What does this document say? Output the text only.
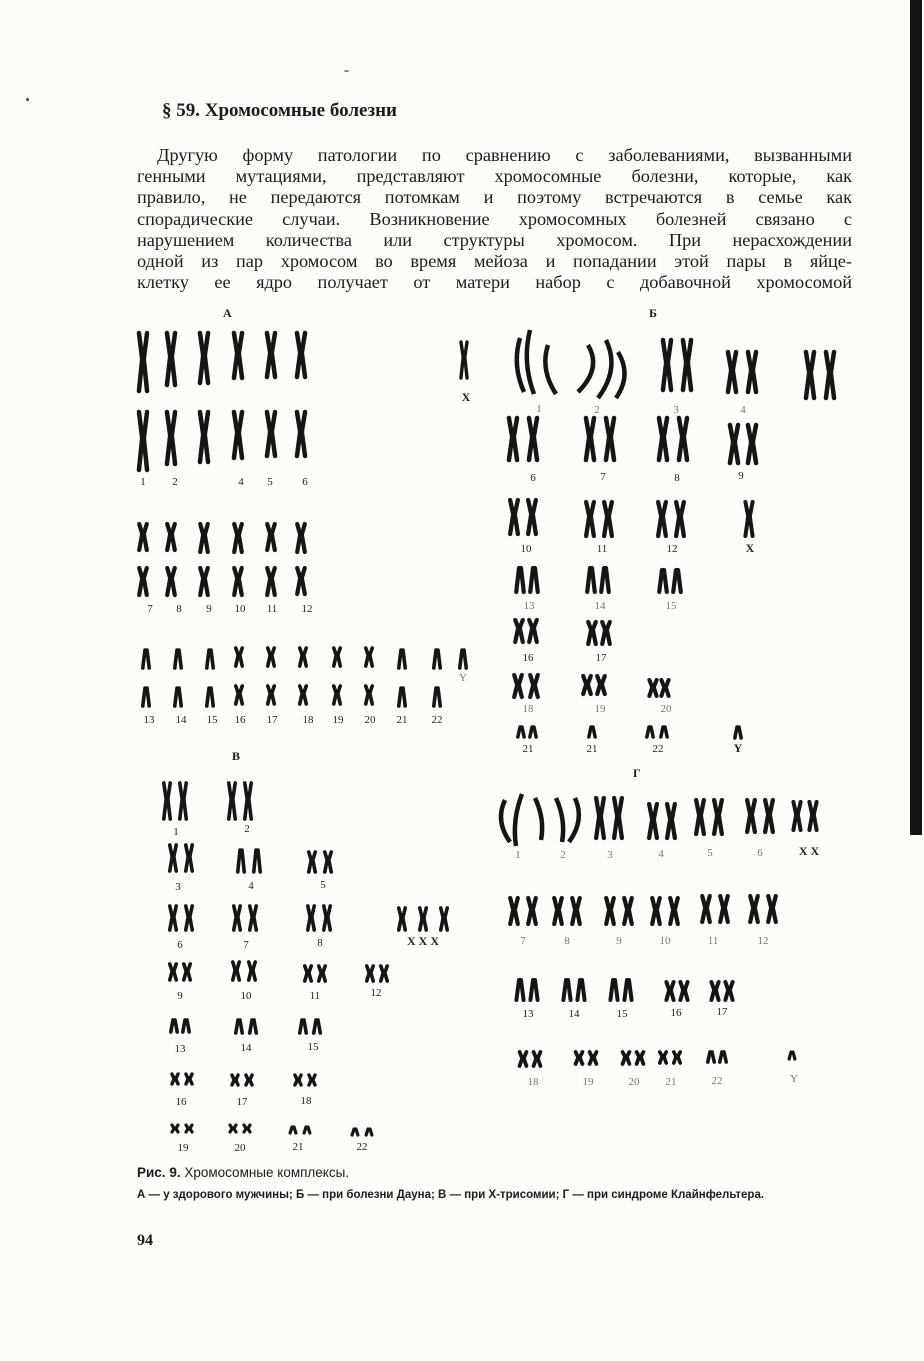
§ 59. Хромосомные болезни
Другую форму патологии по сравнению с заболеваниями, вызванными
генными мутациями, представляют хромосомные болезни, которые, как
правило, не передаются потомкам и поэтому встречаются в семье как
спорадические случаи. Возникновение хромосомных болезней связано с
нарушением количества или структуры хромосом. При нерасхождении
одной из пар хромосом во время мейоза и попадании этой пары в яйце-
клетку ее ядро получает от матери набор с добавочной хромосомой
А	Б
В
Г
1 2	4 5	6
X
7 8 9 10 11 12
13 14 15 16 17 18 19 20 21 22
Y
1	2	3	4
6	7	8	9
10	11	12	X
13	14	15
16	17
18	19	20
21	21	22	Y
1	2
3	4	5
6	7	8	X X X
9	10	11	12
13	14	15
16	17	18
19	20	21	22
1	2	3	4	5	6	X X
7	8	9	10	11	12
13	14	15	16	17
18	19	20 21	22	Y
Рис. 9. Хромосомные комплексы.
А — у здорового мужчины; Б — при болезни Дауна; В — при Х-трисомии; Г — при синдроме Клайнфельтера.
94
